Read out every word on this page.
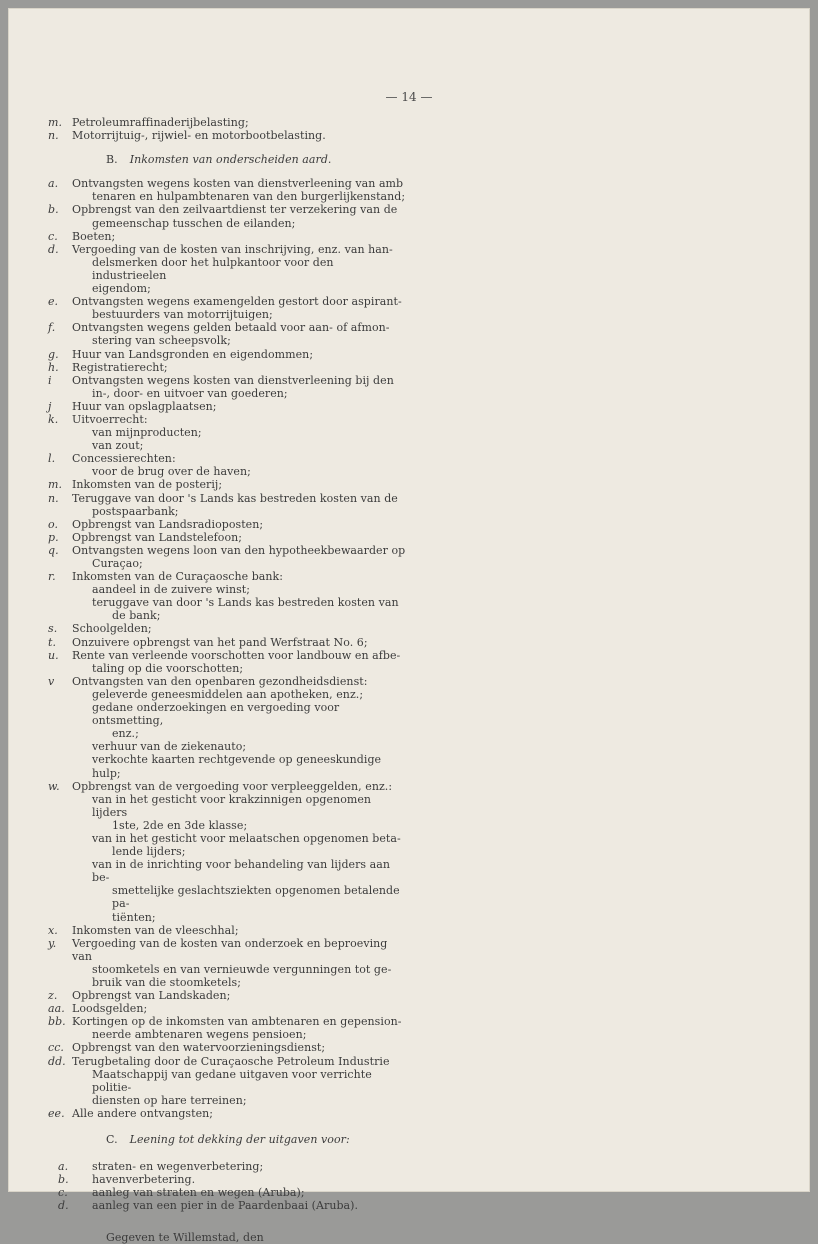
— 14 —
m. Petroleumraffinaderijbelasting;
n. Motorrijtuig-, rijwiel- en motorbootbelasting.
B. Inkomsten van onderscheiden aard.
a. Ontvangsten wegens kosten van dienstverleening van amb
tenaren en hulpambtenaren van den burgerlijkenstand;
b. Opbrengst van den zeilvaartdienst ter verzekering van de
gemeenschap tusschen de eilanden;
c. Boeten;
d. Vergoeding van de kosten van inschrijving, enz. van han-
delsmerken door het hulpkantoor voor den industrieelen
eigendom;
e. Ontvangsten wegens examengelden gestort door aspirant-
bestuurders van motorrijtuigen;
f. Ontvangsten wegens gelden betaald voor aan- of afmon-
stering van scheepsvolk;
g. Huur van Landsgronden en eigendommen;
h. Registratierecht;
i Ontvangsten wegens kosten van dienstverleening bij den
in-, door- en uitvoer van goederen;
j Huur van opslagplaatsen;
k. Uitvoerrecht:
van mijnproducten;
van zout;
l. Concessierechten:
voor de brug over de haven;
m. Inkomsten van de posterij;
n. Teruggave van door 's Lands kas bestreden kosten van de
postspaarbank;
o. Opbrengst van Landsradioposten;
p. Opbrengst van Landstelefoon;
q. Ontvangsten wegens loon van den hypotheekbewaarder op
Curaçao;
r. Inkomsten van de Curaçaosche bank:
aandeel in de zuivere winst;
teruggave van door 's Lands kas bestreden kosten van
de bank;
s. Schoolgelden;
t. Onzuivere opbrengst van het pand Werfstraat No. 6;
u. Rente van verleende voorschotten voor landbouw en afbe-
taling op die voorschotten;
v Ontvangsten van den openbaren gezondheidsdienst:
geleverde geneesmiddelen aan apotheken, enz.;
gedane onderzoekingen en vergoeding voor ontsmetting,
enz.;
verhuur van de ziekenauto;
verkochte kaarten rechtgevende op geneeskundige hulp;
w. Opbrengst van de vergoeding voor verpleeggelden, enz.:
van in het gesticht voor krakzinnigen opgenomen lijders
1ste, 2de en 3de klasse;
van in het gesticht voor melaatschen opgenomen beta-
lende lijders;
van in de inrichting voor behandeling van lijders aan be-
smettelijke geslachtsziekten opgenomen betalende pa-
tiënten;
x. Inkomsten van de vleeschhal;
y. Vergoeding van de kosten van onderzoek en beproeving van
stoomketels en van vernieuwde vergunningen tot ge-
bruik van die stoomketels;
z. Opbrengst van Landskaden;
aa. Loodsgelden;
bb. Kortingen op de inkomsten van ambtenaren en gepension-
neerde ambtenaren wegens pensioen;
cc. Opbrengst van den watervoorzieningsdienst;
dd. Terugbetaling door de Curaçaosche Petroleum Industrie
Maatschappij van gedane uitgaven voor verrichte politie-
diensten op hare terreinen;
ee. Alle andere ontvangsten;
C. Leening tot dekking der uitgaven voor:
a. straten- en wegenverbetering;
b. havenverbetering.
c. aanleg van straten en wegen (Aruba);
d. aanleg van een pier in de Paardenbaai (Aruba).
Gegeven te Willemstad, den
